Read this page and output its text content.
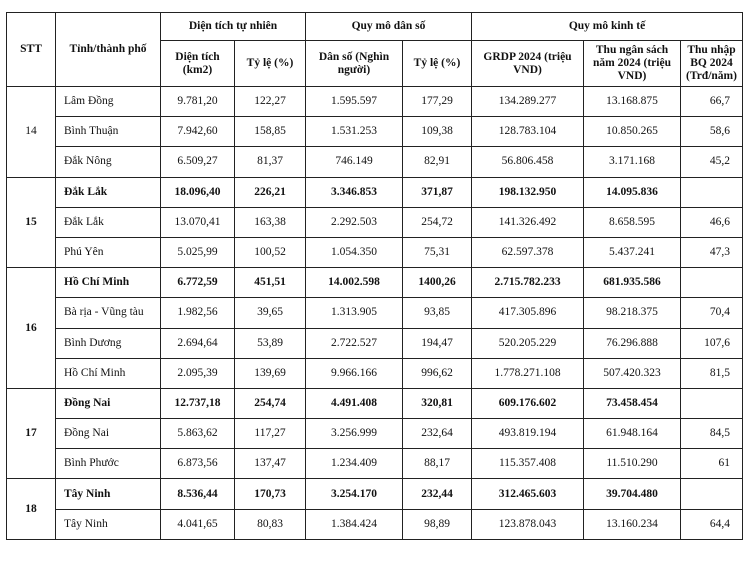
STT	Tỉnh/thành phố	Diện tích tự nhiên		Quy mô dân số		Quy mô kinh tế		
		Diện tích (km2)	Tỷ lệ (%)	Dân số (Nghìn người)	Tỷ lệ (%)	GRDP 2024 (triệu VND)	Thu ngân sách năm 2024 (triệu VND)	Thu nhập BQ 2024 (Trđ/năm)
14	Lâm Đồng	9.781,20	122,27	1.595.597	177,29	134.289.277	13.168.875	66,7
	Bình Thuận	7.942,60	158,85	1.531.253	109,38	128.783.104	10.850.265	58,6
	Đắk Nông	6.509,27	81,37	746.149	82,91	56.806.458	3.171.168	45,2
15	Đắk Lắk	18.096,40	226,21	3.346.853	371,87	198.132.950	14.095.836	
	Đắk Lắk	13.070,41	163,38	2.292.503	254,72	141.326.492	8.658.595	46,6
	Phú Yên	5.025,99	100,52	1.054.350	75,31	62.597.378	5.437.241	47,3
16	Hồ Chí Minh	6.772,59	451,51	14.002.598	1400,26	2.715.782.233	681.935.586	
	Bà rịa - Vũng tàu	1.982,56	39,65	1.313.905	93,85	417.305.896	98.218.375	70,4
	Bình Dương	2.694,64	53,89	2.722.527	194,47	520.205.229	76.296.888	107,6
	Hồ Chí Minh	2.095,39	139,69	9.966.166	996,62	1.778.271.108	507.420.323	81,5
17	Đồng Nai	12.737,18	254,74	4.491.408	320,81	609.176.602	73.458.454	
	Đồng Nai	5.863,62	117,27	3.256.999	232,64	493.819.194	61.948.164	84,5
	Bình Phước	6.873,56	137,47	1.234.409	88,17	115.357.408	11.510.290	61
18	Tây Ninh	8.536,44	170,73	3.254.170	232,44	312.465.603	39.704.480	
	Tây Ninh	4.041,65	80,83	1.384.424	98,89	123.878.043	13.160.234	64,4
